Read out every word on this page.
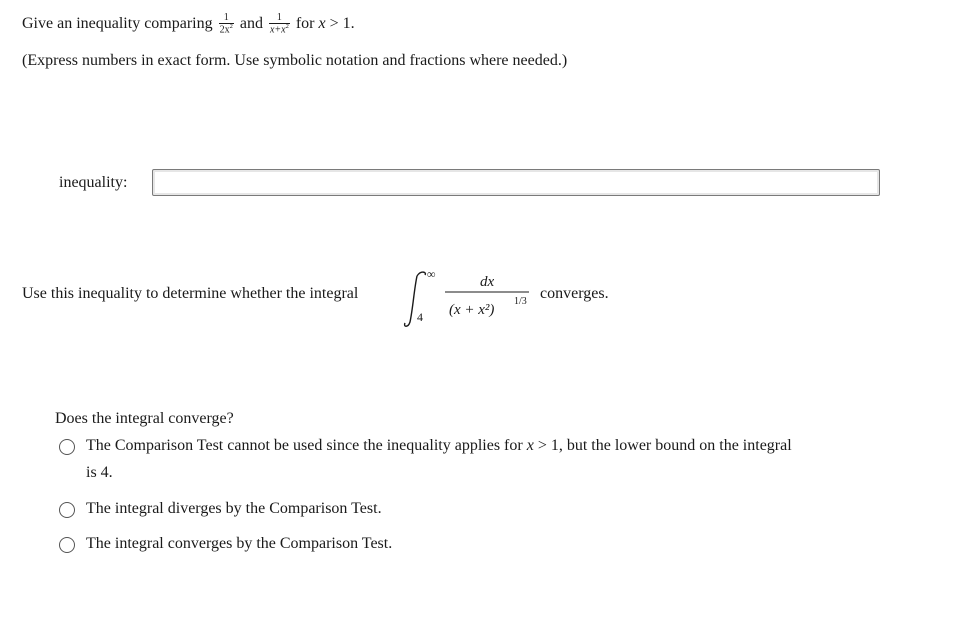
Give an inequality comparing $\frac{1}{2x^2}$ and $\frac{1}{x+x^2}$ for x > 1.
(Express numbers in exact form. Use symbolic notation and fractions where needed.)
inequality:
Use this inequality to determine whether the integral
∞
4
dx
(x + x²)
1/3 converges.
Does the integral converge?
The Comparison Test cannot be used since the inequality applies for x > 1, but the lower bound on the integral
is 4.
The integral diverges by the Comparison Test.
The integral converges by the Comparison Test.
